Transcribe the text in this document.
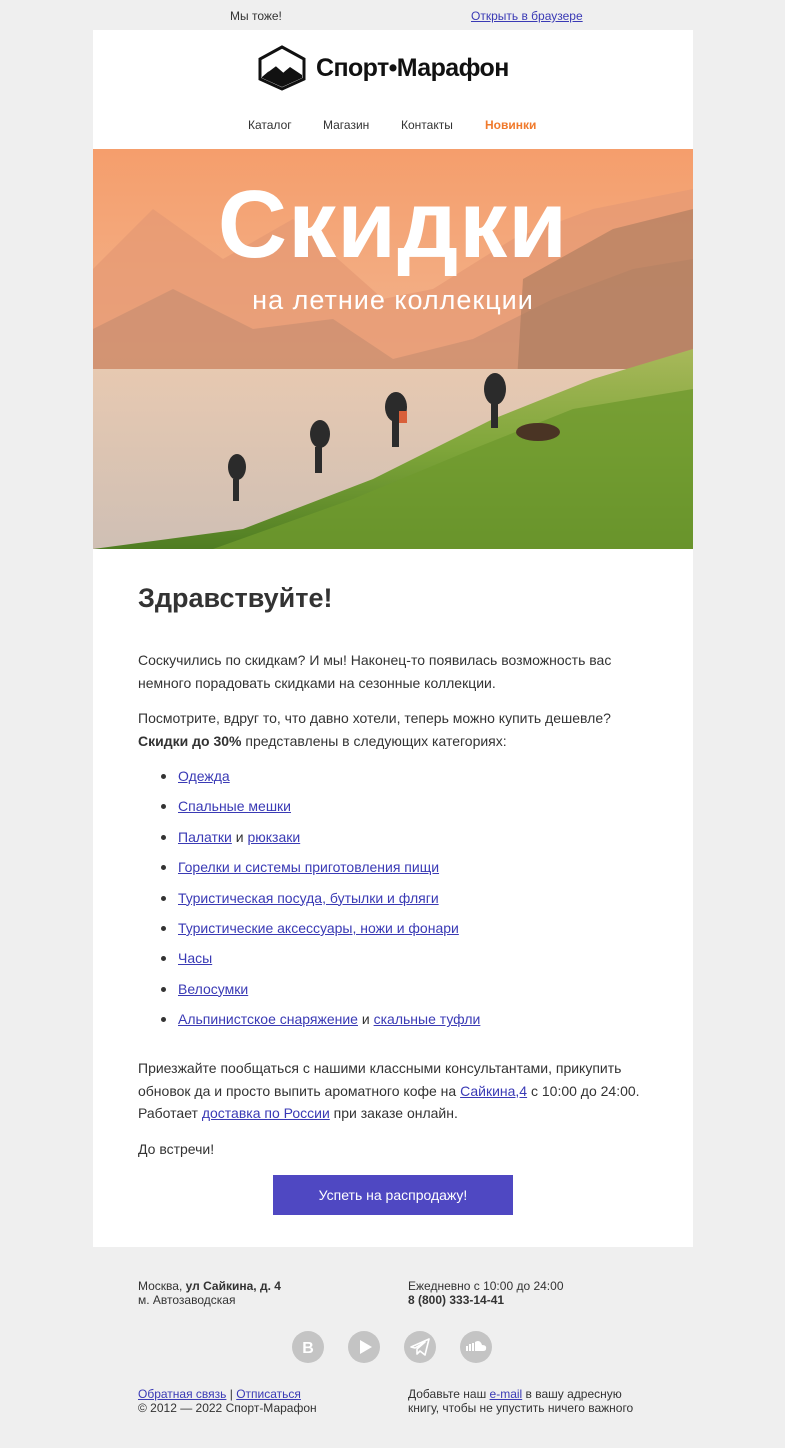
Мы тоже!	Открыть в браузере
Спорт•Марафон
Каталог	Магазин	Контакты	Новинки
Скидки
на летние коллекции
Здравствуйте!

Соскучились по скидкам? И мы! Наконец-то появилась возможность вас немного порадовать скидками на сезонные коллекции.

Посмотрите, вдруг то, что давно хотели, теперь можно купить дешевле?
Скидки до 30% представлены в следующих категориях:

Одежда
Спальные мешки
Палатки и рюкзаки
Горелки и системы приготовления пищи
Туристическая посуда, бутылки и фляги
Туристические аксессуары, ножи и фонари
Часы
Велосумки
Альпинистское снаряжение и скальные туфли

Приезжайте пообщаться с нашими классными консультантами, прикупить обновок да и просто выпить ароматного кофе на Сайкина,4 с 10:00 до 24:00. Работает доставка по России при заказе онлайн.

До встречи!

Успеть на распродажу!
Москва, ул Сайкина, д. 4
м. Автозаводская
Ежедневно с 10:00 до 24:00
8 (800) 333-14-41
В
Обратная связь | Отписаться
© 2012 — 2022 Спорт-Марафон
Добавьте наш e-mail в вашу адресную книгу, чтобы не упустить ничего важного
